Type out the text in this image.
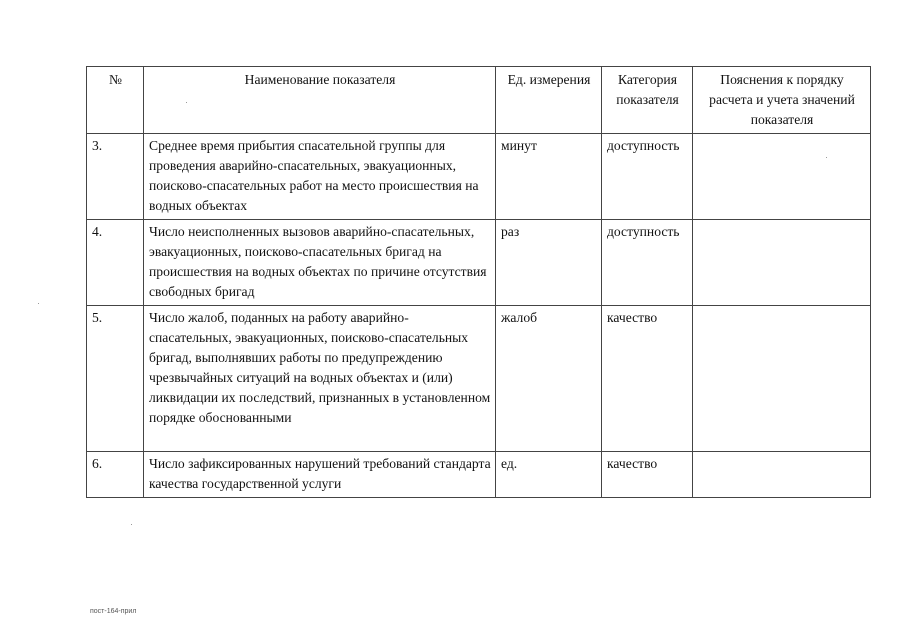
№	Наименование показателя	Ед. измерения	Категория показателя	Пояснения к порядку расчета и учета значений показателя
3.	Среднее время прибытия спасательной группы для проведения аварийно-спасательных, эвакуационных, поисково-спасательных работ на место происшествия на водных объектах	минут	доступность	
4.	Число неисполненных вызовов аварийно-спасательных, эвакуационных, поисково-спасательных бригад на происшествия на водных объектах по причине отсутствия свободных бригад	раз	доступность	
5.	Число жалоб, поданных на работу аварийно-спасательных, эвакуационных, поисково-спасательных бригад, выполнявших работы по предупреждению чрезвычайных ситуаций на водных объектах и (или) ликвидации их последствий, признанных в установленном порядке обоснованными	жалоб	качество	
6.	Число зафиксированных нарушений требований стандарта качества государственной услуги	ед.	качество	
пост-164-прил
